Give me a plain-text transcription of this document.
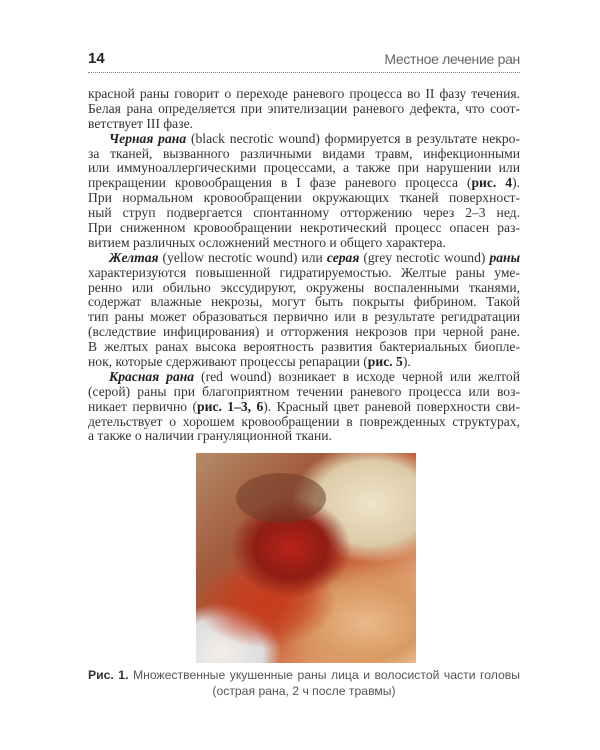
14	Местное лечение ран
красной раны говорит о переходе раневого процесса во II фазу течения.
Белая рана определяется при эпителизации раневого дефекта, что соот-
ветствует III фазе.
Черная рана (black necrotic wound) формируется в результате некро-
за тканей, вызванного различными видами травм, инфекционными
или иммуноаллергическими процессами, а также при нарушении или
прекращении кровообращения в I фазе раневого процесса (рис. 4).
При нормальном кровообращении окружающих тканей поверхност-
ный струп подвергается спонтанному отторжению через 2–3 нед.
При сниженном кровообращении некротический процесс опасен раз-
витием различных осложнений местного и общего характера.
Желтая (yellow necrotic wound) или серая (grey necrotic wound) раны
характеризуются повышенной гидратируемостью. Желтые раны уме-
ренно или обильно экссудируют, окружены воспаленными тканями,
содержат влажные некрозы, могут быть покрыты фибрином. Такой
тип раны может образоваться первично или в результате регидратации
(вследствие инфицирования) и отторжения некрозов при черной ране.
В желтых ранах высока вероятность развития бактериальных биопле-
нок, которые сдерживают процессы репарации (рис. 5).
Красная рана (red wound) возникает в исходе черной или желтой
(серой) раны при благоприятном течении раневого процесса или воз-
никает первично (рис. 1–3, 6). Красный цвет раневой поверхности сви-
детельствует о хорошем кровообращении в поврежденных структурах,
а также о наличии грануляционной ткани.
Рис. 1. Множественные укушенные раны лица и волосистой части головы
(острая рана, 2 ч после травмы)
